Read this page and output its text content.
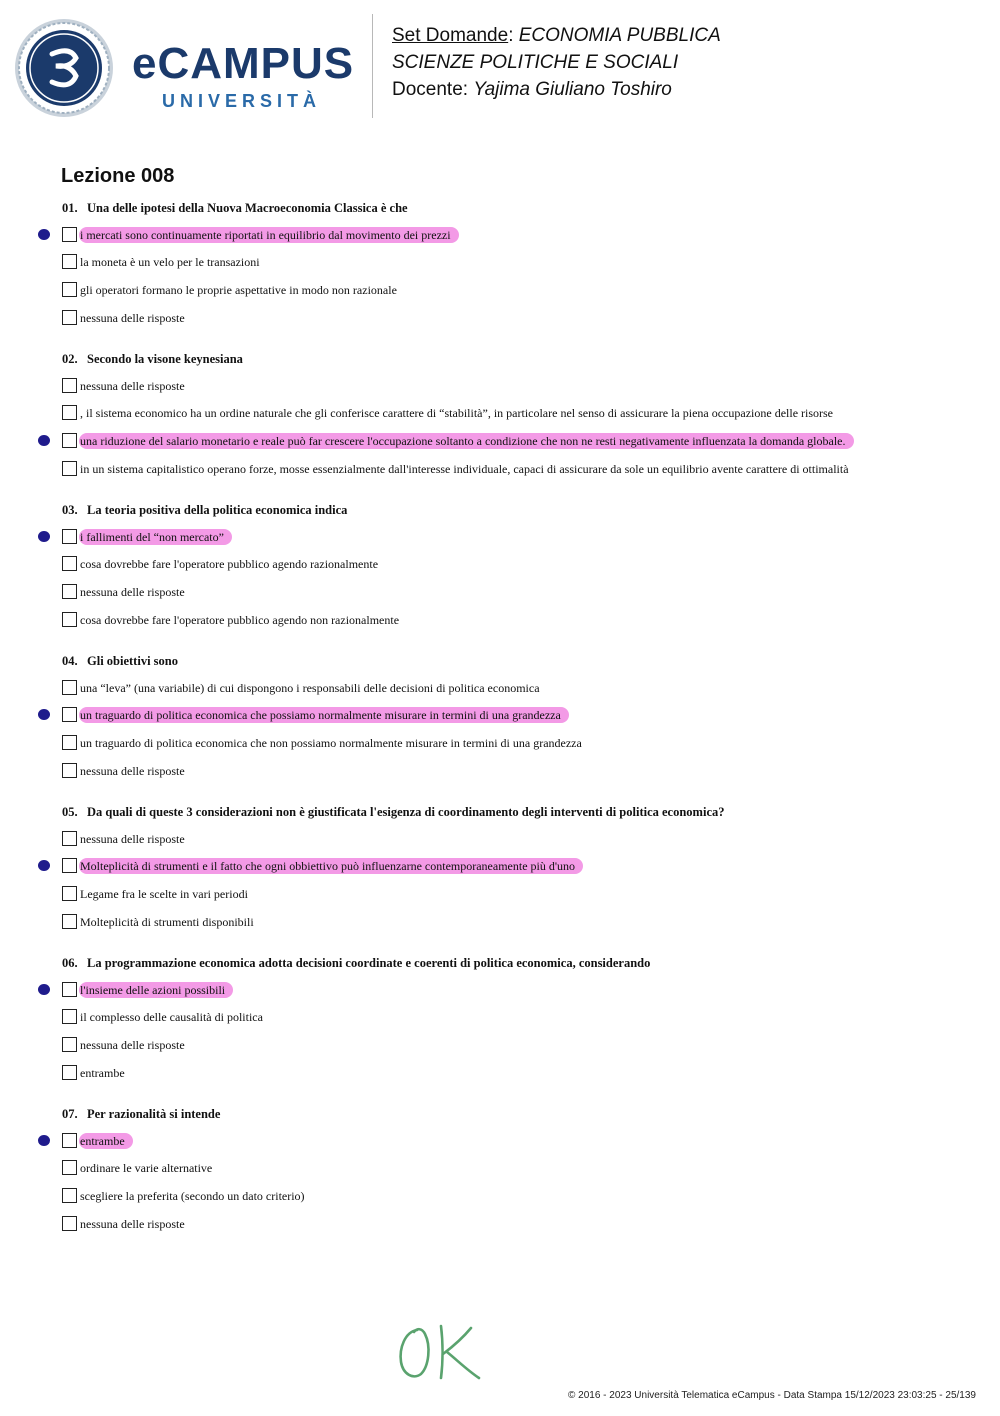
eCAMPUS
UNIVERSITÀ
Set Domande: ECONOMIA PUBBLICA
SCIENZE POLITICHE E SOCIALI
Docente: Yajima Giuliano Toshiro
Lezione 008
01. Una delle ipotesi della Nuova Macroeconomia Classica è che
i mercati sono continuamente riportati in equilibrio dal movimento dei prezzi
la moneta è un velo per le transazioni
gli operatori formano le proprie aspettative in modo non razionale
nessuna delle risposte
02. Secondo la visone keynesiana
nessuna delle risposte
, il sistema economico ha un ordine naturale che gli conferisce carattere di “stabilità”, in particolare nel senso di assicurare la piena occupazione delle risorse
una riduzione del salario monetario e reale può far crescere l'occupazione soltanto a condizione che non ne resti negativamente influenzata la domanda globale.
in un sistema capitalistico operano forze, mosse essenzialmente dall'interesse individuale, capaci di assicurare da sole un equilibrio avente carattere di ottimalità
03. La teoria positiva della politica economica indica
i fallimenti del “non mercato”
cosa dovrebbe fare l'operatore pubblico agendo razionalmente
nessuna delle risposte
cosa dovrebbe fare l'operatore pubblico agendo non razionalmente
04. Gli obiettivi sono
una “leva” (una variabile) di cui dispongono i responsabili delle decisioni di politica economica
un traguardo di politica economica che possiamo normalmente misurare in termini di una grandezza
un traguardo di politica economica che non possiamo normalmente misurare in termini di una grandezza
nessuna delle risposte
05. Da quali di queste 3 considerazioni non è giustificata l'esigenza di coordinamento degli interventi di politica economica?
nessuna delle risposte
Molteplicità di strumenti e il fatto che ogni obbiettivo può influenzarne contemporaneamente più d'uno
Legame fra le scelte in vari periodi
Molteplicità di strumenti disponibili
06. La programmazione economica adotta decisioni coordinate e coerenti di politica economica, considerando
l'insieme delle azioni possibili
il complesso delle causalità di politica
nessuna delle risposte
entrambe
07. Per razionalità si intende
entrambe
ordinare le varie alternative
scegliere la preferita (secondo un dato criterio)
nessuna delle risposte
© 2016 - 2023 Università Telematica eCampus - Data Stampa 15/12/2023 23:03:25 - 25/139
